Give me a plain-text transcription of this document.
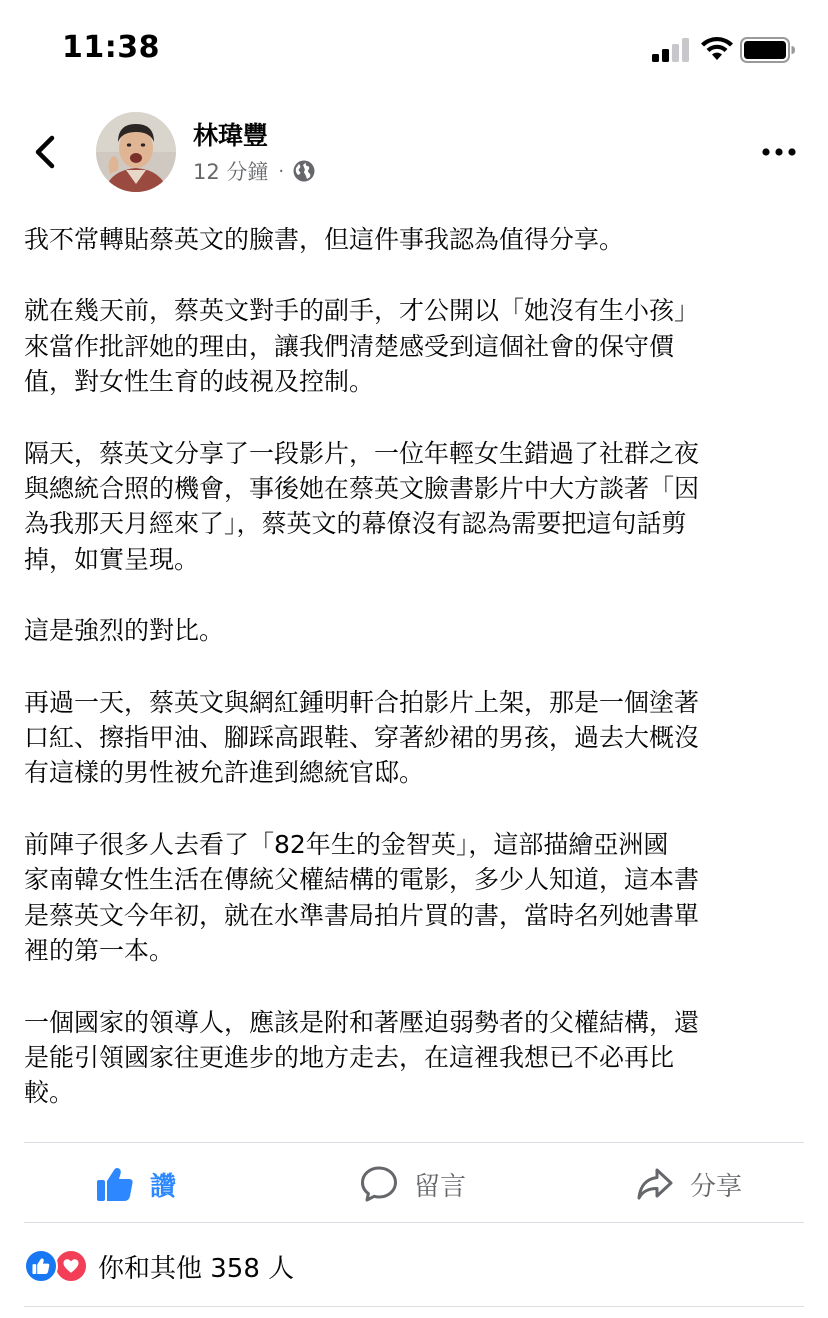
11:38
林瑋豐
12 分鐘 ·

我不常轉貼蔡英文的臉書，但這件事我認為值得分享。

就在幾天前，蔡英文對手的副手，才公開以「她沒有生小孩」
來當作批評她的理由，讓我們清楚感受到這個社會的保守價
值，對女性生育的歧視及控制。

隔天，蔡英文分享了一段影片，一位年輕女生錯過了社群之夜
與總統合照的機會，事後她在蔡英文臉書影片中大方談著「因
為我那天月經來了」，蔡英文的幕僚沒有認為需要把這句話剪
掉，如實呈現。

這是強烈的對比。

再過一天，蔡英文與網紅鍾明軒合拍影片上架，那是一個塗著
口紅、擦指甲油、腳踩高跟鞋、穿著紗裙的男孩，過去大概沒
有這樣的男性被允許進到總統官邸。

前陣子很多人去看了「82年生的金智英」，這部描繪亞洲國
家南韓女性生活在傳統父權結構的電影，多少人知道，這本書
是蔡英文今年初，就在水準書局拍片買的書，當時名列她書單
裡的第一本。

一個國家的領導人，應該是附和著壓迫弱勢者的父權結構，還
是能引領國家往更進步的地方走去，在這裡我想已不必再比
較。

讚	留言	分享
你和其他 358 人
